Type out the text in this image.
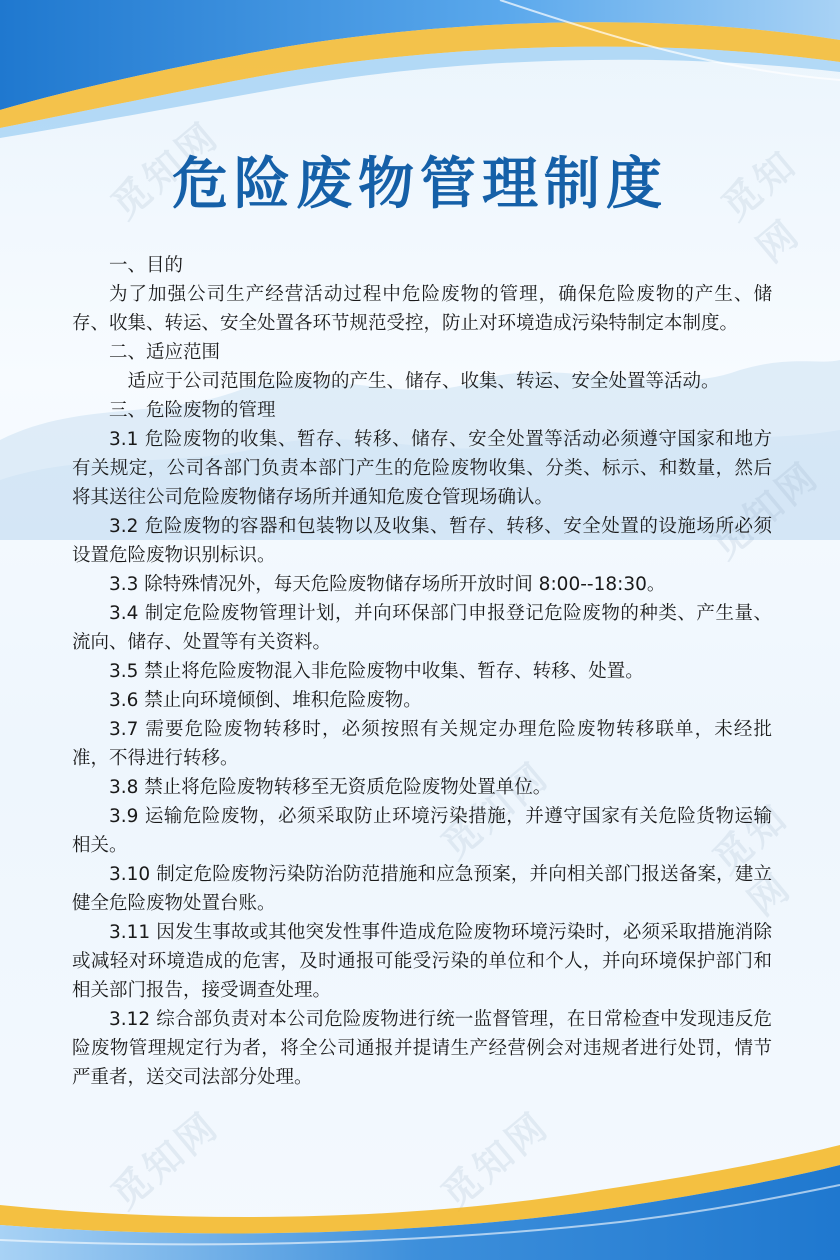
觅知网	觅知网
觅知网
觅知网	觅知网
觅知网	觅知网
危险废物管理制度

一、目的

为了加强公司生产经营活动过程中危险废物的管理，确保危险废物的产生、储存、收集、转运、安全处置各环节规范受控，防止对环境造成污染特制定本制度。

二、适应范围

适应于公司范围危险废物的产生、储存、收集、转运、安全处置等活动。

三、危险废物的管理

3.1 危险废物的收集、暂存、转移、储存、安全处置等活动必须遵守国家和地方有关规定，公司各部门负责本部门产生的危险废物收集、分类、标示、和数量，然后将其送往公司危险废物储存场所并通知危废仓管现场确认。

3.2 危险废物的容器和包装物以及收集、暂存、转移、安全处置的设施场所必须设置危险废物识别标识。

3.3 除特殊情况外，每天危险废物储存场所开放时间 8:00--18:30。

3.4 制定危险废物管理计划，并向环保部门申报登记危险废物的种类、产生量、流向、储存、处置等有关资料。

3.5 禁止将危险废物混入非危险废物中收集、暂存、转移、处置。

3.6 禁止向环境倾倒、堆积危险废物。

3.7 需要危险废物转移时，必须按照有关规定办理危险废物转移联单，未经批准，不得进行转移。

3.8 禁止将危险废物转移至无资质危险废物处置单位。

3.9 运输危险废物，必须采取防止环境污染措施，并遵守国家有关危险货物运输相关。

3.10 制定危险废物污染防治防范措施和应急预案，并向相关部门报送备案，建立健全危险废物处置台账。

3.11 因发生事故或其他突发性事件造成危险废物环境污染时，必须采取措施消除或减轻对环境造成的危害，及时通报可能受污染的单位和个人，并向环境保护部门和相关部门报告，接受调查处理。

3.12 综合部负责对本公司危险废物进行统一监督管理，在日常检查中发现违反危险废物管理规定行为者，将全公司通报并提请生产经营例会对违规者进行处罚，情节严重者，送交司法部分处理。
